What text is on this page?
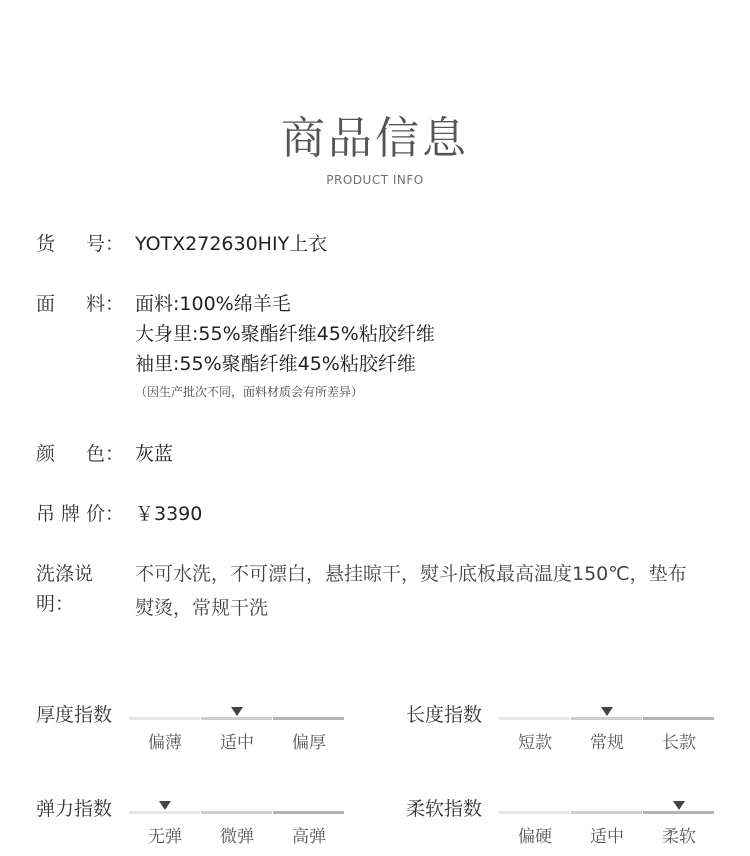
商品信息
PRODUCT INFO
货 号： YOTX272630HIY上衣
面 料： 面料:100%绵羊毛
大身里:55%聚酯纤维45%粘胶纤维
袖里:55%聚酯纤维45%粘胶纤维
（因生产批次不同，面料材质会有所差异）
颜 色： 灰蓝
吊 牌 价： ￥3390
洗涤说明：
不可水洗，不可漂白，悬挂晾干，熨斗底板最高温度150℃，垫布
熨烫，常规干洗
厚度指数
偏薄	适中	偏厚
长度指数
短款	常规	长款
弹力指数
无弹	微弹	高弹
柔软指数
偏硬	适中	柔软
